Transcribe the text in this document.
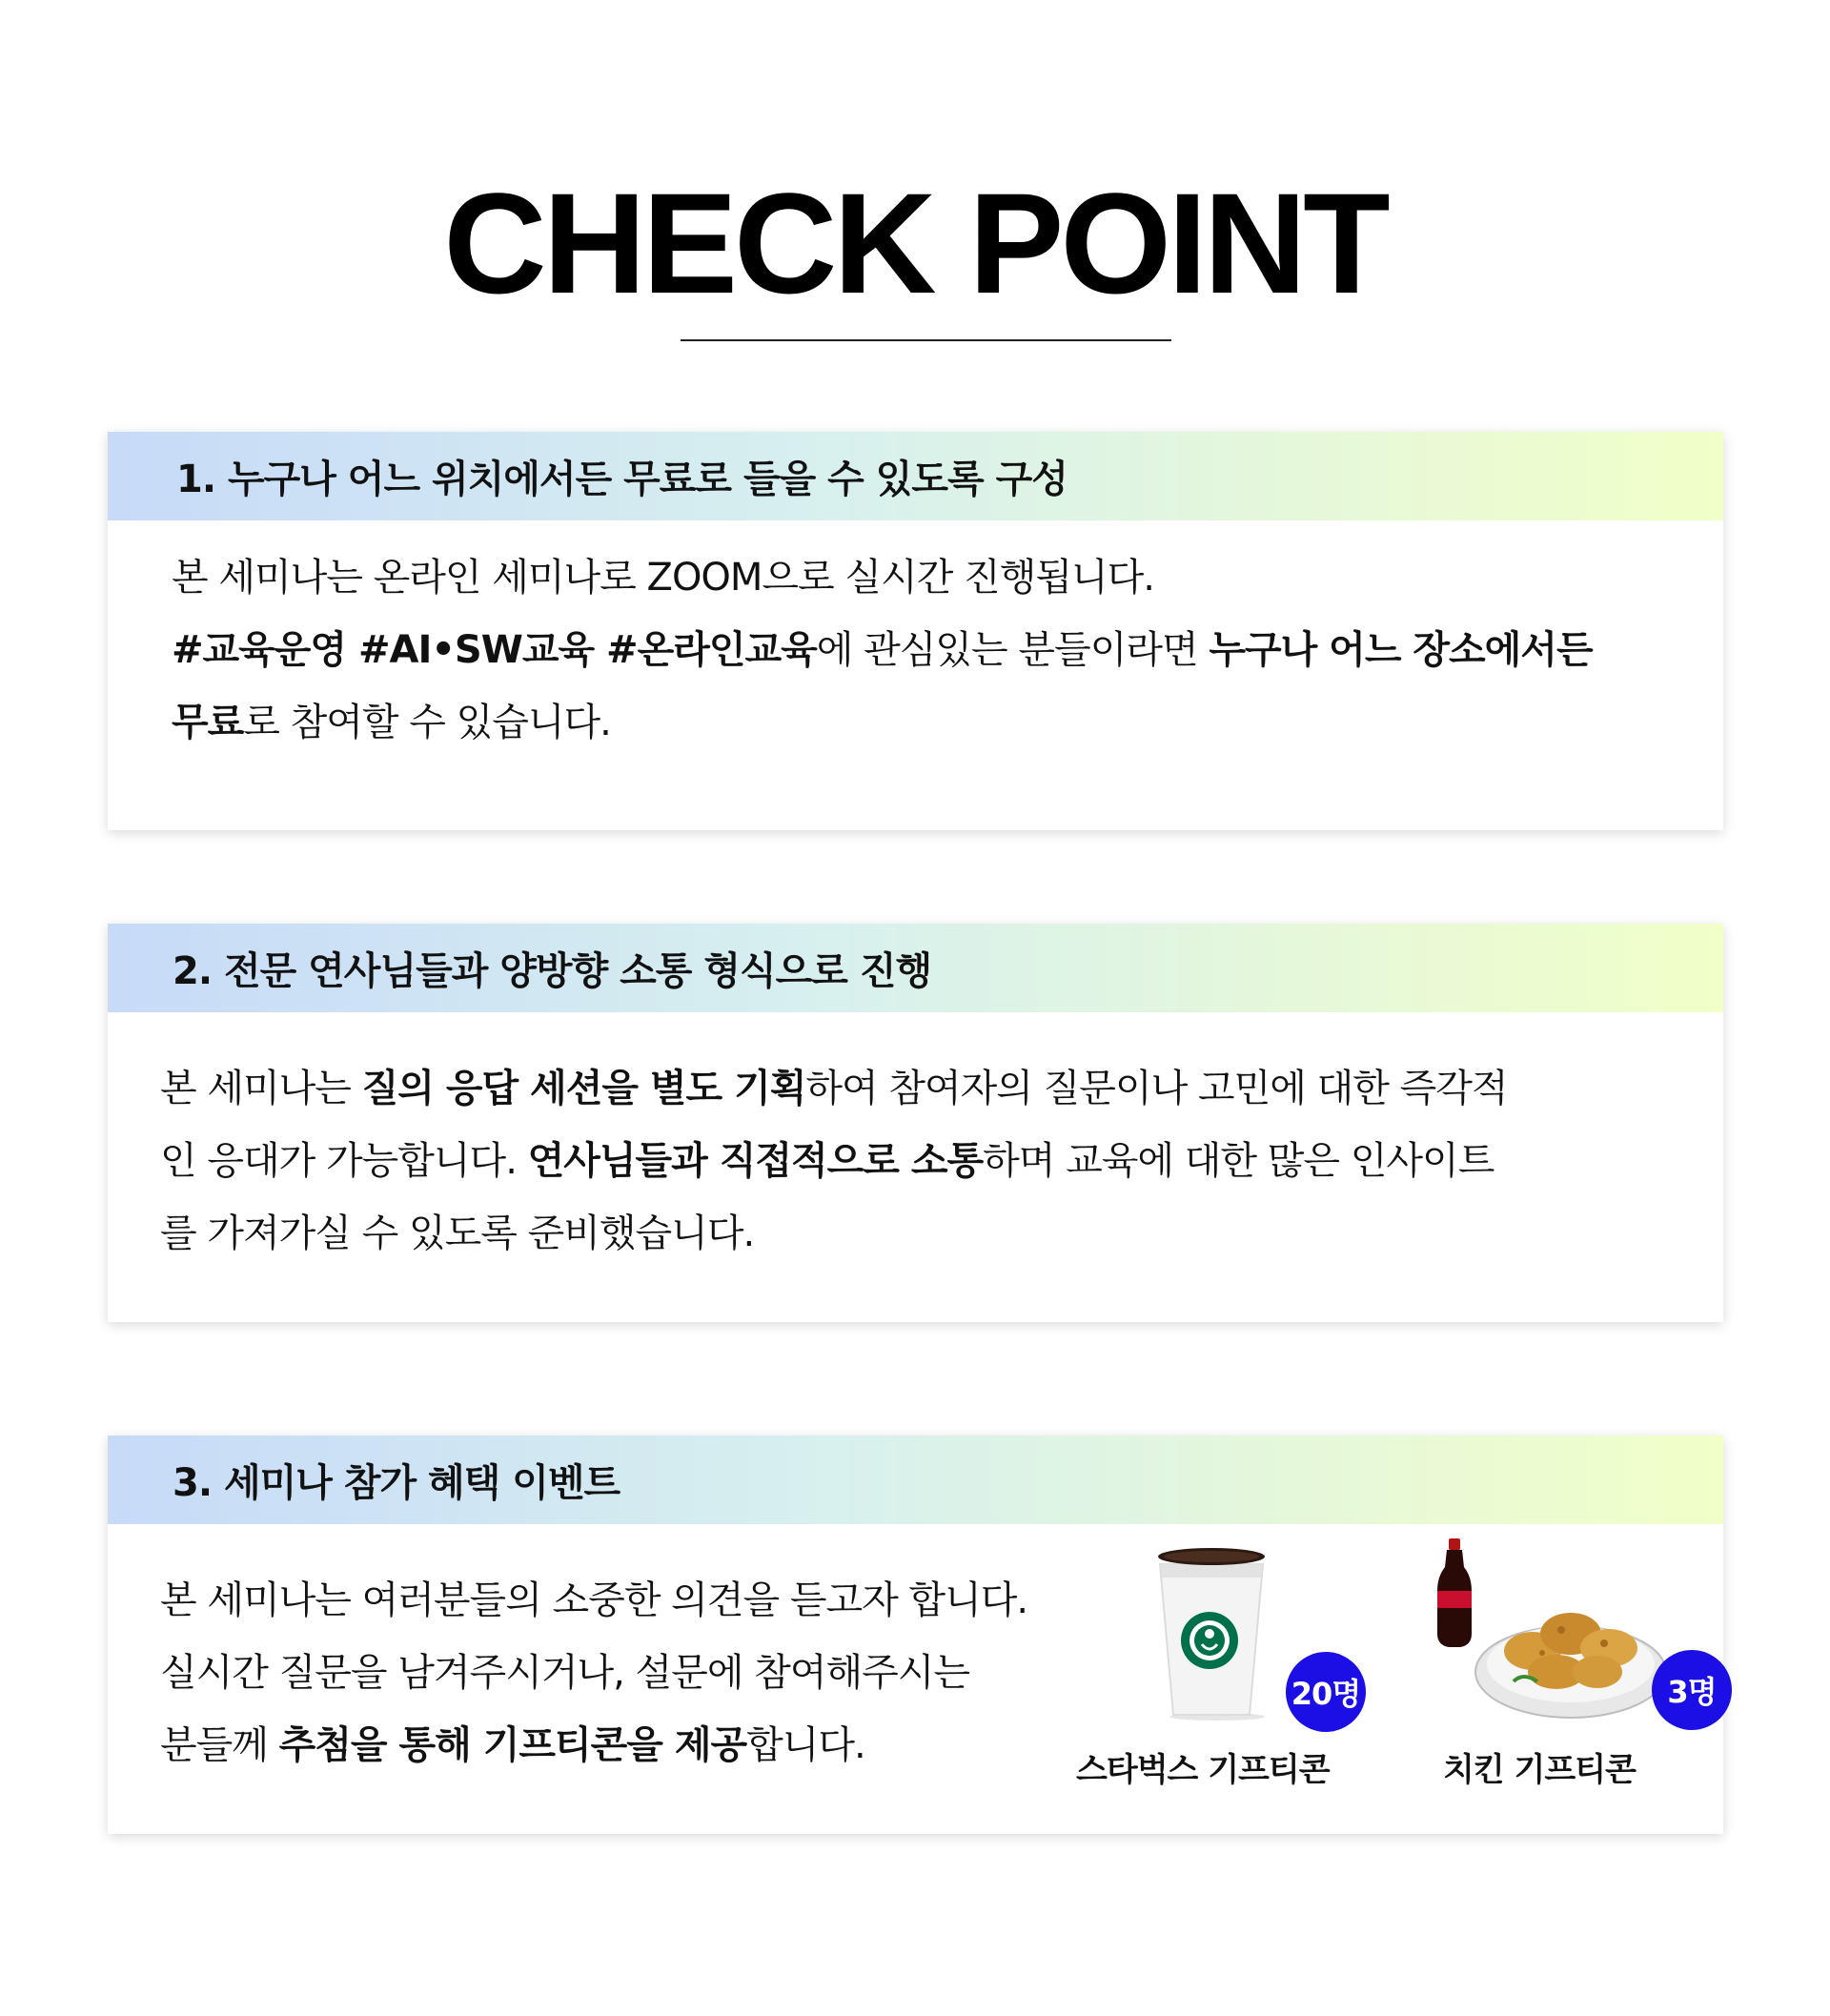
CHECK POINT
1. 누구나 어느 위치에서든 무료로 들을 수 있도록 구성

본 세미나는 온라인 세미나로 ZOOM으로 실시간 진행됩니다.

#교육운영 #AI•SW교육 #온라인교육에 관심있는 분들이라면 누구나 어느 장소에서든

무료로 참여할 수 있습니다.

2. 전문 연사님들과 양방향 소통 형식으로 진행

본 세미나는 질의 응답 세션을 별도 기획하여 참여자의 질문이나 고민에 대한 즉각적

인 응대가 가능합니다. 연사님들과 직접적으로 소통하며 교육에 대한 많은 인사이트

를 가져가실 수 있도록 준비했습니다.

3. 세미나 참가 혜택 이벤트

본 세미나는 여러분들의 소중한 의견을 듣고자 합니다.

실시간 질문을 남겨주시거나, 설문에 참여해주시는

분들께 추첨을 통해 기프티콘을 제공합니다.

20명
스타벅스 기프티콘
3명
치킨 기프티콘
